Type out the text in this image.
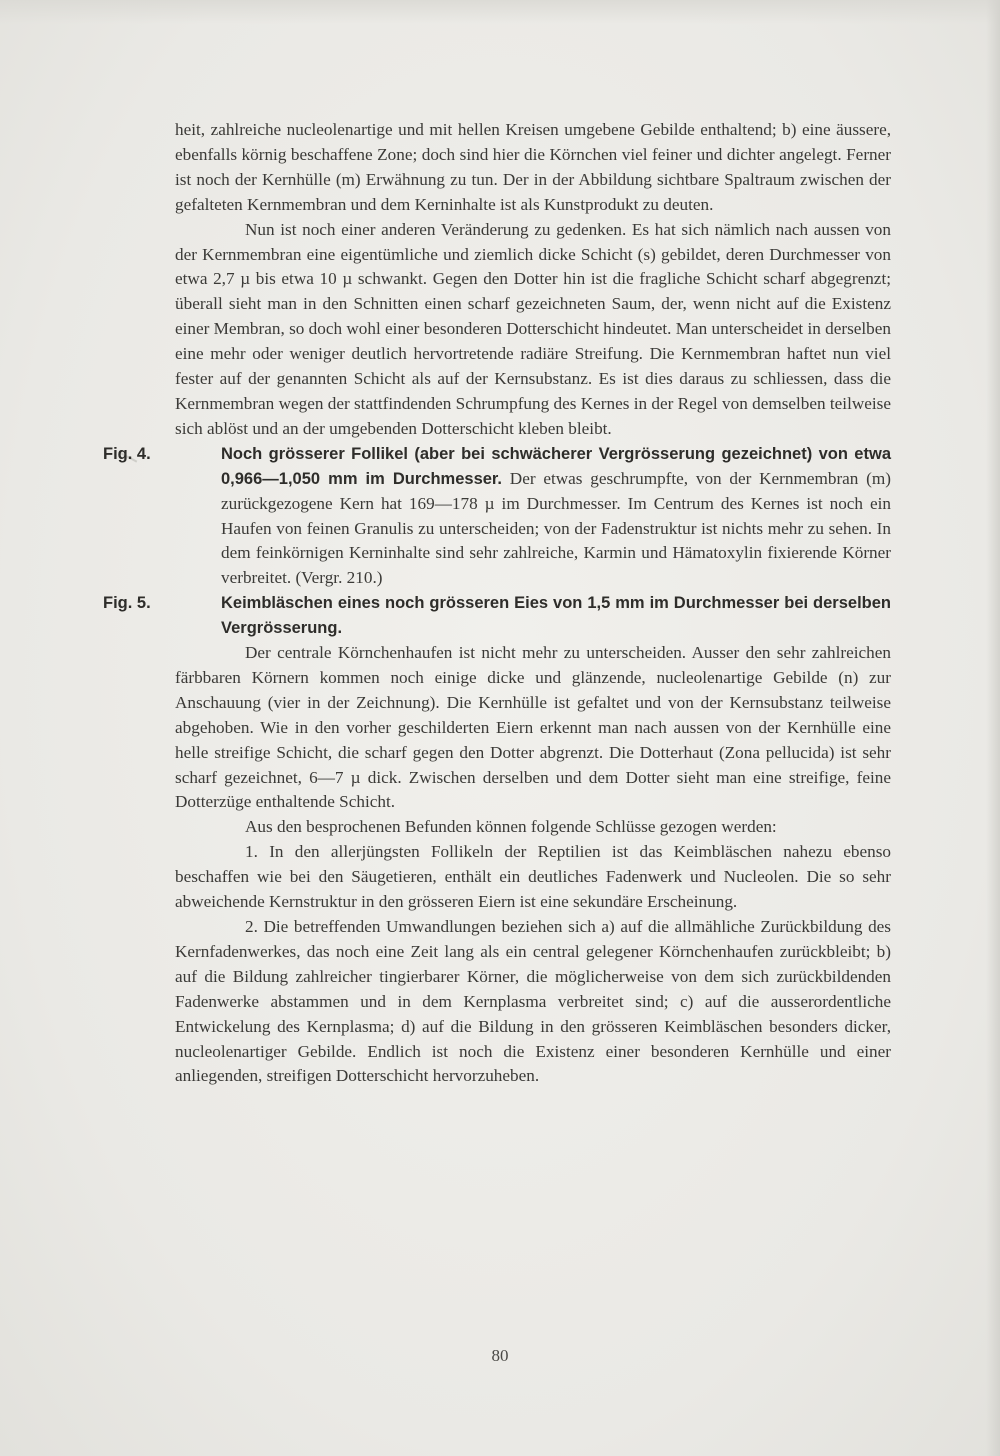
heit, zahlreiche nucleolenartige und mit hellen Kreisen umgebene Gebilde enthaltend; b) eine äussere, ebenfalls körnig beschaffene Zone; doch sind hier die Körnchen viel feiner und dichter angelegt. Ferner ist noch der Kernhülle (m) Erwähnung zu tun. Der in der Abbildung sichtbare Spaltraum zwischen der gefalteten Kernmembran und dem Kerninhalte ist als Kunstprodukt zu deuten.

Nun ist noch einer anderen Veränderung zu gedenken. Es hat sich nämlich nach aussen von der Kernmembran eine eigentümliche und ziemlich dicke Schicht (s) gebildet, deren Durchmesser von etwa 2,7 µ bis etwa 10 µ schwankt. Gegen den Dotter hin ist die fragliche Schicht scharf abgegrenzt; überall sieht man in den Schnitten einen scharf gezeichneten Saum, der, wenn nicht auf die Existenz einer Membran, so doch wohl einer besonderen Dotterschicht hindeutet. Man unterscheidet in derselben eine mehr oder weniger deutlich hervortretende radiäre Streifung. Die Kernmembran haftet nun viel fester auf der genannten Schicht als auf der Kernsubstanz. Es ist dies daraus zu schliessen, dass die Kernmembran wegen der stattfindenden Schrumpfung des Kernes in der Regel von demselben teilweise sich ablöst und an der umgebenden Dotterschicht kleben bleibt.

Fig. 4.	Noch grösserer Follikel (aber bei schwächerer Vergrösserung gezeichnet) von etwa 0,966—1,050 mm im Durchmesser. Der etwas geschrumpfte, von der Kernmembran (m) zurückgezogene Kern hat 169—178 µ im Durchmesser. Im Centrum des Kernes ist noch ein Haufen von feinen Granulis zu unterscheiden; von der Fadenstruktur ist nichts mehr zu sehen. In dem feinkörnigen Kerninhalte sind sehr zahlreiche, Karmin und Hämatoxylin fixierende Körner verbreitet. (Vergr. 210.)
Fig. 5.	Keimbläschen eines noch grösseren Eies von 1,5 mm im Durchmesser bei derselben Vergrösserung.

Der centrale Körnchenhaufen ist nicht mehr zu unterscheiden. Ausser den sehr zahlreichen färbbaren Körnern kommen noch einige dicke und glänzende, nucleolenartige Gebilde (n) zur Anschauung (vier in der Zeichnung). Die Kernhülle ist gefaltet und von der Kernsubstanz teilweise abgehoben. Wie in den vorher geschilderten Eiern erkennt man nach aussen von der Kernhülle eine helle streifige Schicht, die scharf gegen den Dotter abgrenzt. Die Dotterhaut (Zona pellucida) ist sehr scharf gezeichnet, 6—7 µ dick. Zwischen derselben und dem Dotter sieht man eine streifige, feine Dotterzüge enthaltende Schicht.

Aus den besprochenen Befunden können folgende Schlüsse gezogen werden:

1. In den allerjüngsten Follikeln der Reptilien ist das Keimbläschen nahezu ebenso beschaffen wie bei den Säugetieren, enthält ein deutliches Fadenwerk und Nucleolen. Die so sehr abweichende Kernstruktur in den grösseren Eiern ist eine sekundäre Erscheinung.

2. Die betreffenden Umwandlungen beziehen sich a) auf die allmähliche Zurückbildung des Kernfadenwerkes, das noch eine Zeit lang als ein central gelegener Körnchenhaufen zurückbleibt; b) auf die Bildung zahlreicher tingierbarer Körner, die möglicherweise von dem sich zurückbildenden Fadenwerke abstammen und in dem Kernplasma verbreitet sind; c) auf die ausserordentliche Entwickelung des Kernplasma; d) auf die Bildung in den grösseren Keimbläschen besonders dicker, nucleolenartiger Gebilde. Endlich ist noch die Existenz einer besonderen Kernhülle und einer anliegenden, streifigen Dotterschicht hervorzuheben.

80
